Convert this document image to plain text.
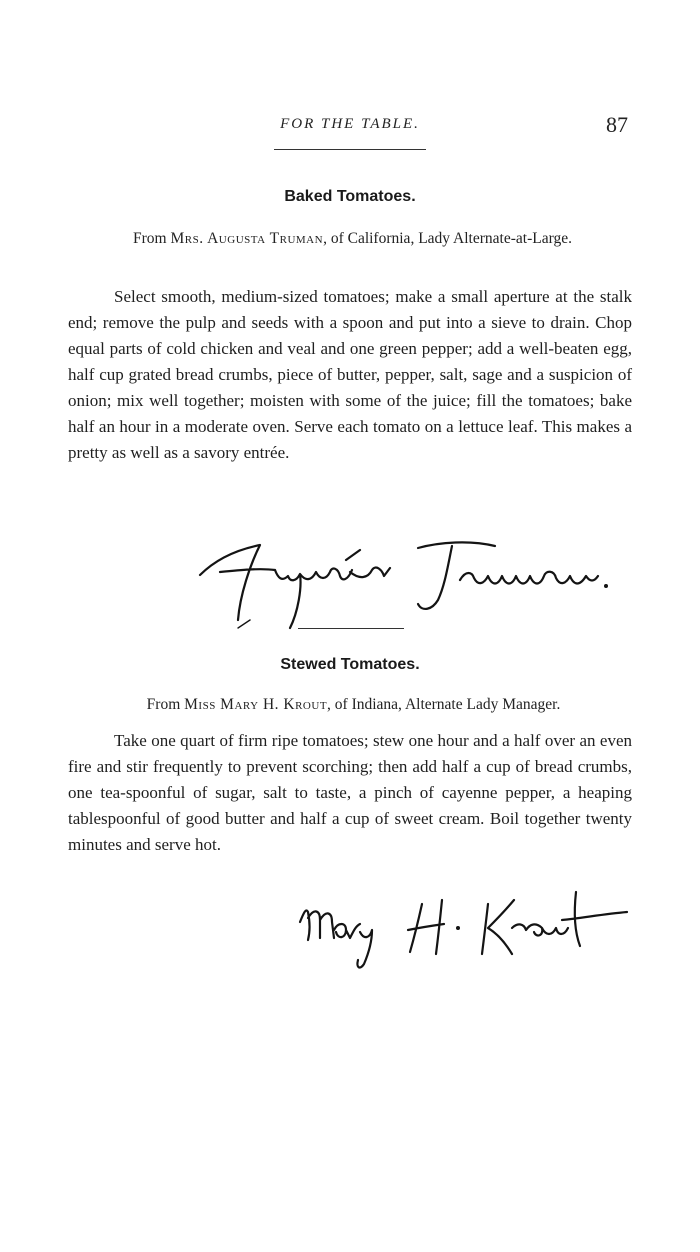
FOR THE TABLE.	87
Baked Tomatoes.
From Mrs. Augusta Truman, of California, Lady Alternate-at-Large.
Select smooth, medium-sized tomatoes; make a small aperture at the stalk end; remove the pulp and seeds with a spoon and put into a sieve to drain. Chop equal parts of cold chicken and veal and one green pepper; add a well-beaten egg, half cup grated bread crumbs, piece of butter, pepper, salt, sage and a suspicion of onion; mix well together; moisten with some of the juice; fill the tomatoes; bake half an hour in a moderate oven. Serve each tomato on a lettuce leaf. This makes a pretty as well as a savory entrée.
Stewed Tomatoes.
From Miss Mary H. Krout, of Indiana, Alternate Lady Manager.
Take one quart of firm ripe tomatoes; stew one hour and a half over an even fire and stir frequently to prevent scorching; then add half a cup of bread crumbs, one tea-spoonful of sugar, salt to taste, a pinch of cayenne pepper, a heaping tablespoonful of good butter and half a cup of sweet cream. Boil together twenty minutes and serve hot.
